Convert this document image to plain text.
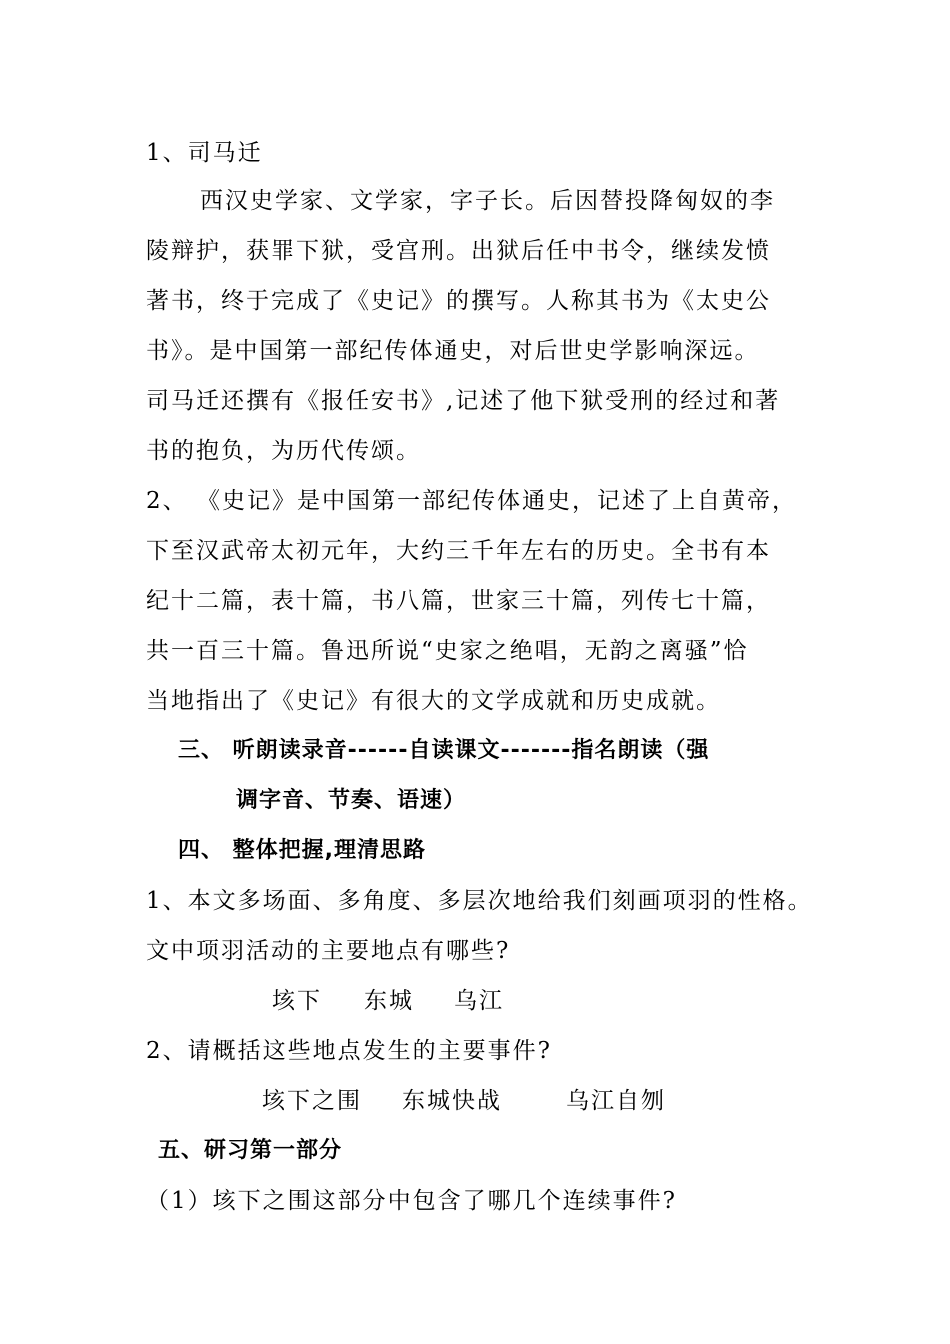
1、司马迁
西汉史学家、文学家，字子长。后因替投降匈奴的李
陵辩护，获罪下狱，受宫刑。出狱后任中书令，继续发愤
著书，终于完成了《史记》的撰写。人称其书为《太史公
书》。是中国第一部纪传体通史，对后世史学影响深远。
司马迁还撰有《报任安书》,记述了他下狱受刑的经过和著
书的抱负，为历代传颂。
2、 《史记》是中国第一部纪传体通史，记述了上自黄帝，
下至汉武帝太初元年，大约三千年左右的历史。全书有本
纪十二篇，表十篇，书八篇，世家三十篇，列传七十篇，
共一百三十篇。鲁迅所说“史家之绝唱，无韵之离骚”恰
当地指出了《史记》有很大的文学成就和历史成就。
三、 听朗读录音------自读课文-------指名朗读（强
调字音、节奏、语速）
四、 整体把握,理清思路
1、本文多场面、多角度、多层次地给我们刻画项羽的性格。
文中项羽活动的主要地点有哪些?
垓下 东城 乌江
2、请概括这些地点发生的主要事件?
垓下之围 东城快战	乌江自刎
五、研习第一部分
（1）垓下之围这部分中包含了哪几个连续事件?
